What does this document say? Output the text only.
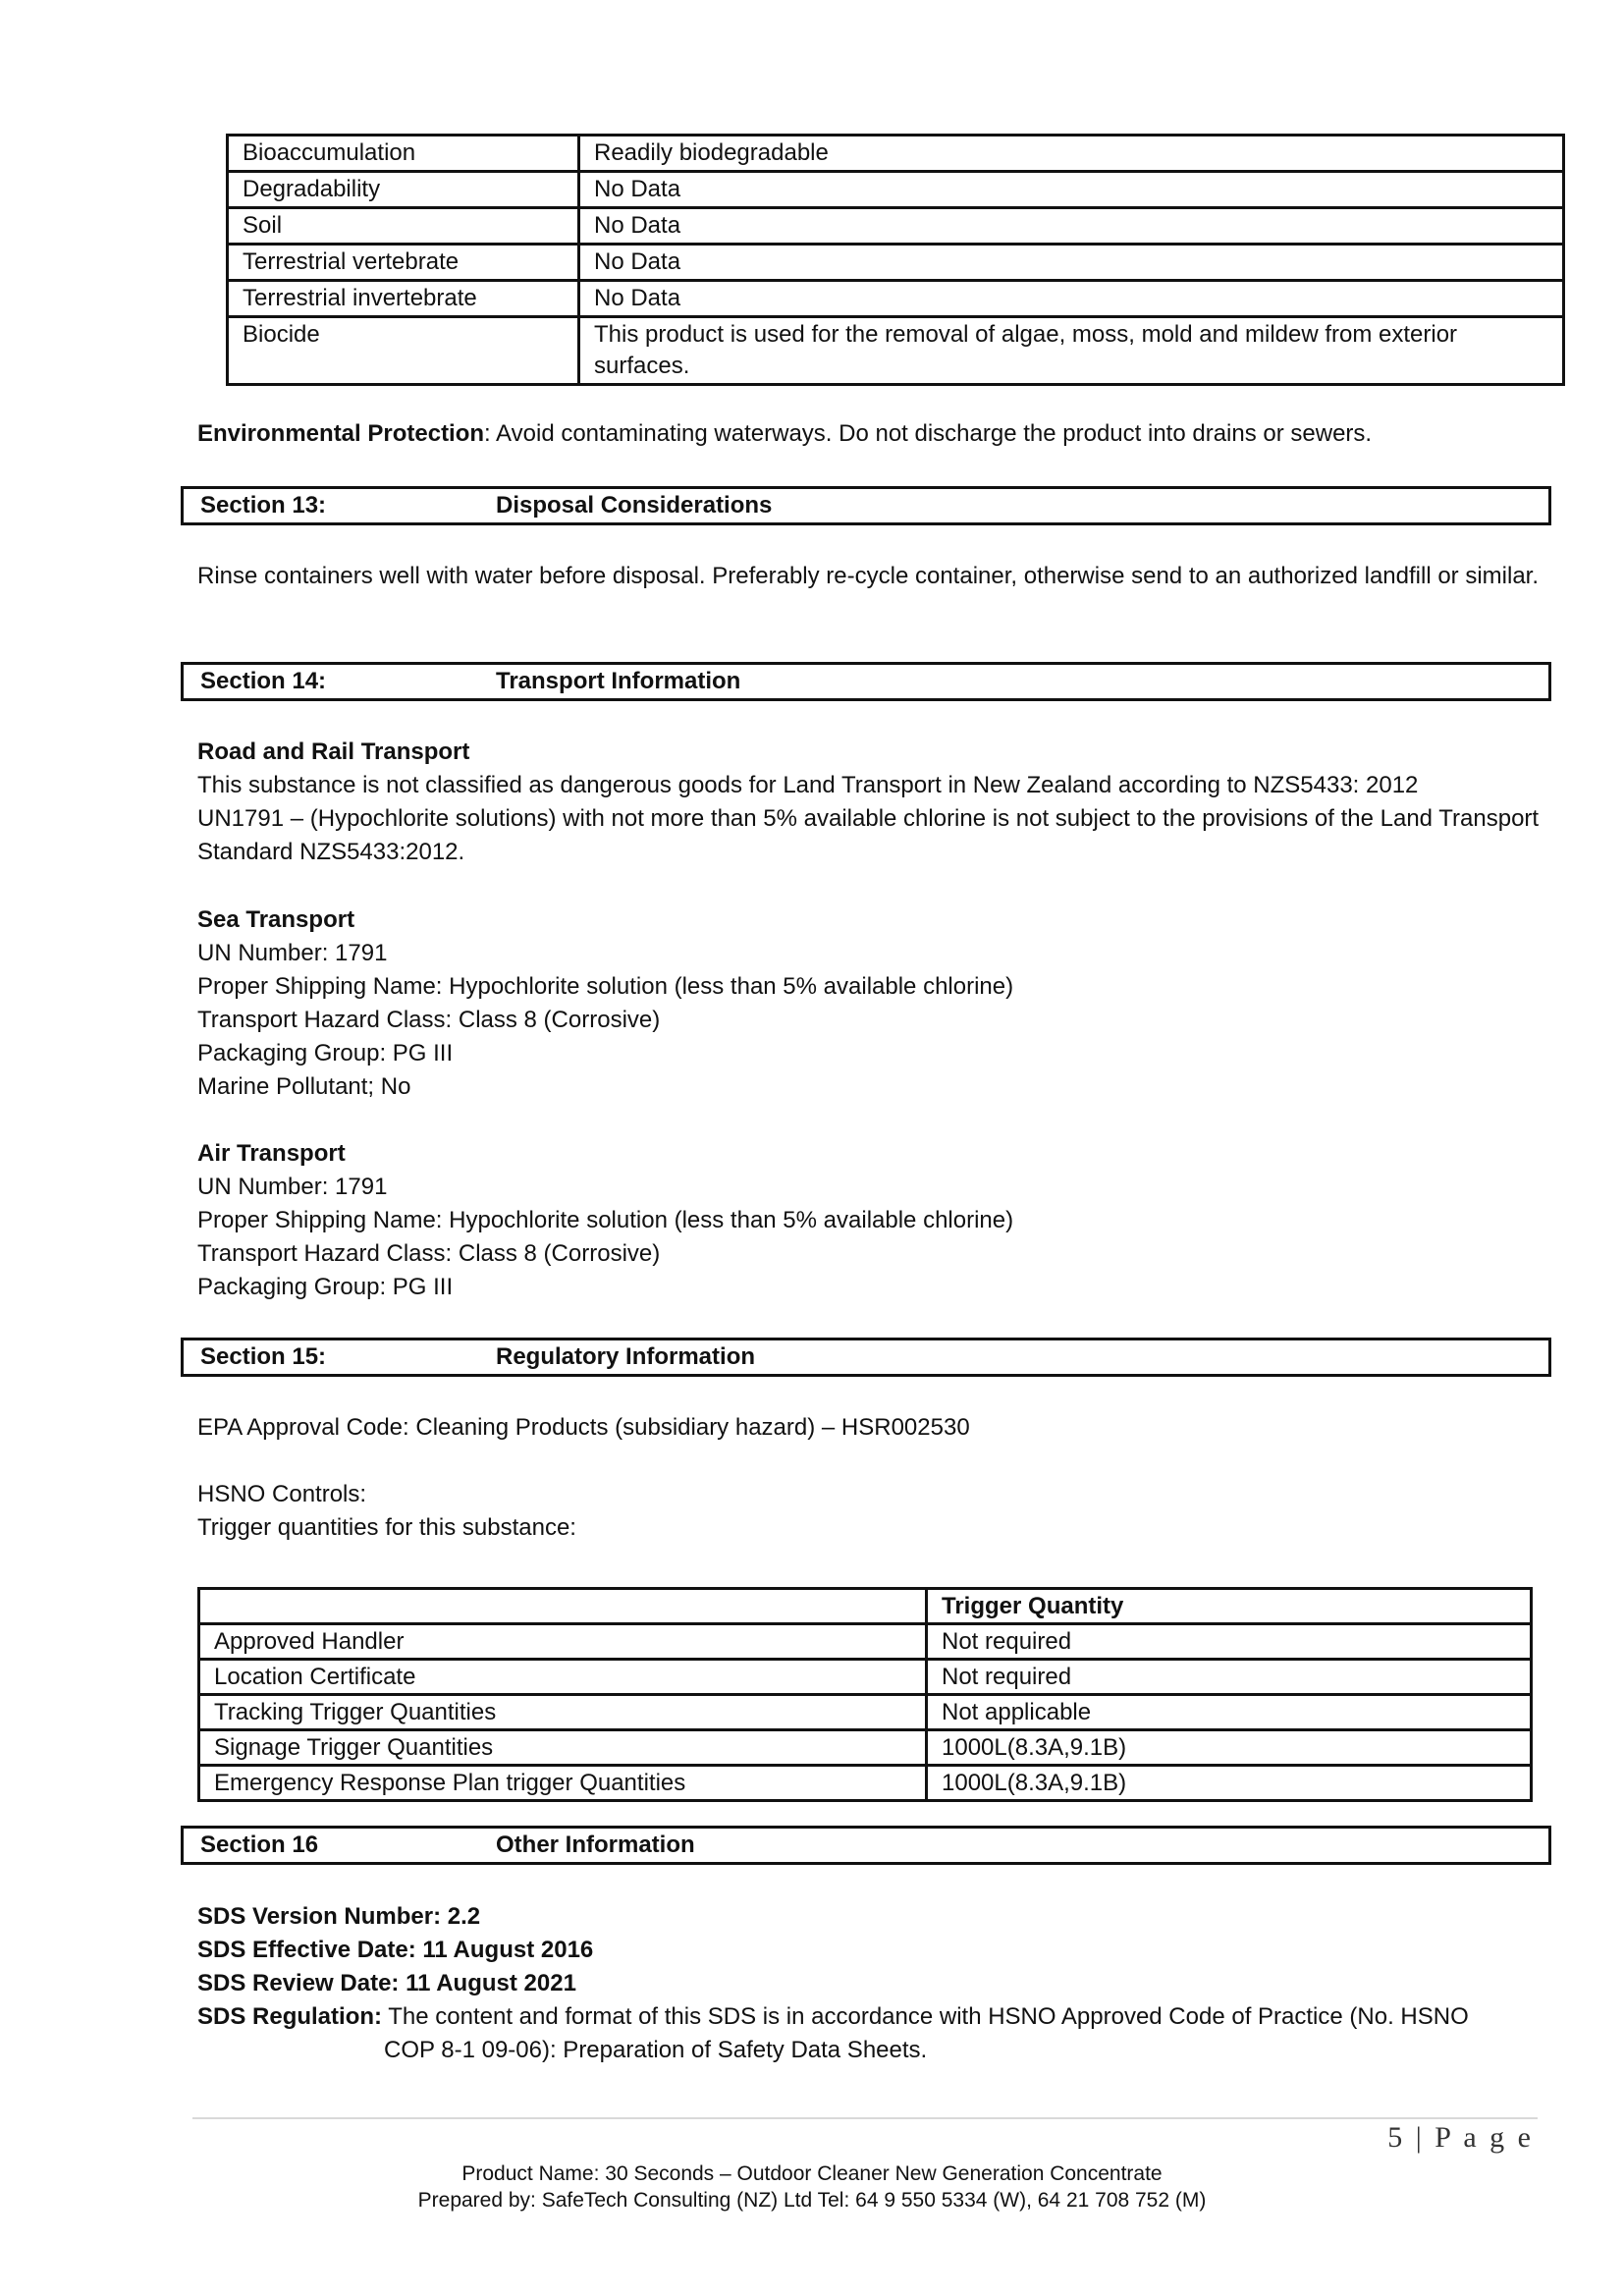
Bioaccumulation	Readily biodegradable
Degradability	No Data
Soil	No Data
Terrestrial vertebrate	No Data
Terrestrial invertebrate	No Data
Biocide	This product is used for the removal of algae, moss, mold and mildew from exterior surfaces.

Environmental Protection: Avoid contaminating waterways. Do not discharge the product into drains or sewers.

Section 13:	Disposal Considerations

Rinse containers well with water before disposal. Preferably re-cycle container, otherwise send to an authorized landfill or similar.

Section 14:	Transport Information

Road and Rail Transport

This substance is not classified as dangerous goods for Land Transport in New Zealand according to NZS5433: 2012

UN1791 – (Hypochlorite solutions) with not more than 5% available chlorine is not subject to the provisions of the Land Transport Standard NZS5433:2012.

Sea Transport

UN Number: 1791

Proper Shipping Name: Hypochlorite solution (less than 5% available chlorine)

Transport Hazard Class: Class 8 (Corrosive)

Packaging Group: PG III

Marine Pollutant; No

Air Transport

UN Number: 1791

Proper Shipping Name: Hypochlorite solution (less than 5% available chlorine)

Transport Hazard Class: Class 8 (Corrosive)

Packaging Group: PG III

Section 15:	Regulatory Information

EPA Approval Code: Cleaning Products (subsidiary hazard) – HSR002530

HSNO Controls:

Trigger quantities for this substance:

	Trigger Quantity
Approved Handler	Not required
Location Certificate	Not required
Tracking Trigger Quantities	Not applicable
Signage Trigger Quantities	1000L(8.3A,9.1B)
Emergency Response Plan trigger Quantities	1000L(8.3A,9.1B)
Section 16	Other Information

SDS Version Number: 2.2

SDS Effective Date: 11 August 2016

SDS Review Date: 11 August 2021

SDS Regulation: The content and format of this SDS is in accordance with HSNO Approved Code of Practice (No. HSNO

COP 8-1 09-06): Preparation of Safety Data Sheets.

5 | P a g e
Product Name: 30 Seconds – Outdoor Cleaner New Generation Concentrate
Prepared by: SafeTech Consulting (NZ) Ltd Tel: 64 9 550 5334 (W), 64 21 708 752 (M)
